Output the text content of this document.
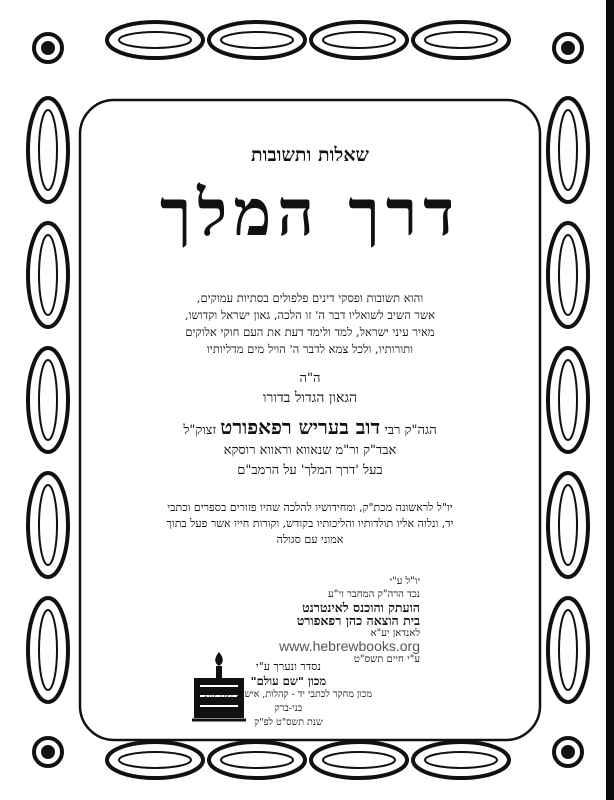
שאלות ותשובות
דרך המלך
והוא תשובות ופסקי דינים פלפולים בסתיות עמוקים,
אשר השיב לשואליו דבר ה' זו הלכה, גאון ישראל וקדושו,
מאיר עיני ישראל, למד ולימד דעת את העם חוקי אלוקים
ותורותיו, ולכל צמא לדבר ה' הויל מים מדליותיו
ה"ה
הגאון הגדול בדורו
הגה"ק רבי דוב בעריש רפאפורט זצוק"ל
אבד"ק ור"מ שנאווא וראווא רוסקא
בעל 'דרך המלך' על הרמב"ם
יו"ל לראשונה מכת"ק, ומחידושיו להלכה שהיו פזורים בספרים וכתבי
יד, ונלוה אליו תולדותיו והליכותיו בקודש, וקורות חייו אשר פעל בתוך
אמוני עם סגולה
יו"ל ע"י
נכד הרה"ק המחבר זי"ע
הועתק והוכנס לאינטרנט
בית הוצאה כהן רפאפורט
לאנדאן יע"א
www.hebrewbooks.org
ע"י חיים תשס"ט
נסדר ונערך ע"י
מכון "שם עולם"
מכון מחקר לכתבי יד - קהלות, אישים וקהילות
בני-ברק
שנת תשס"ט לפ"ק
